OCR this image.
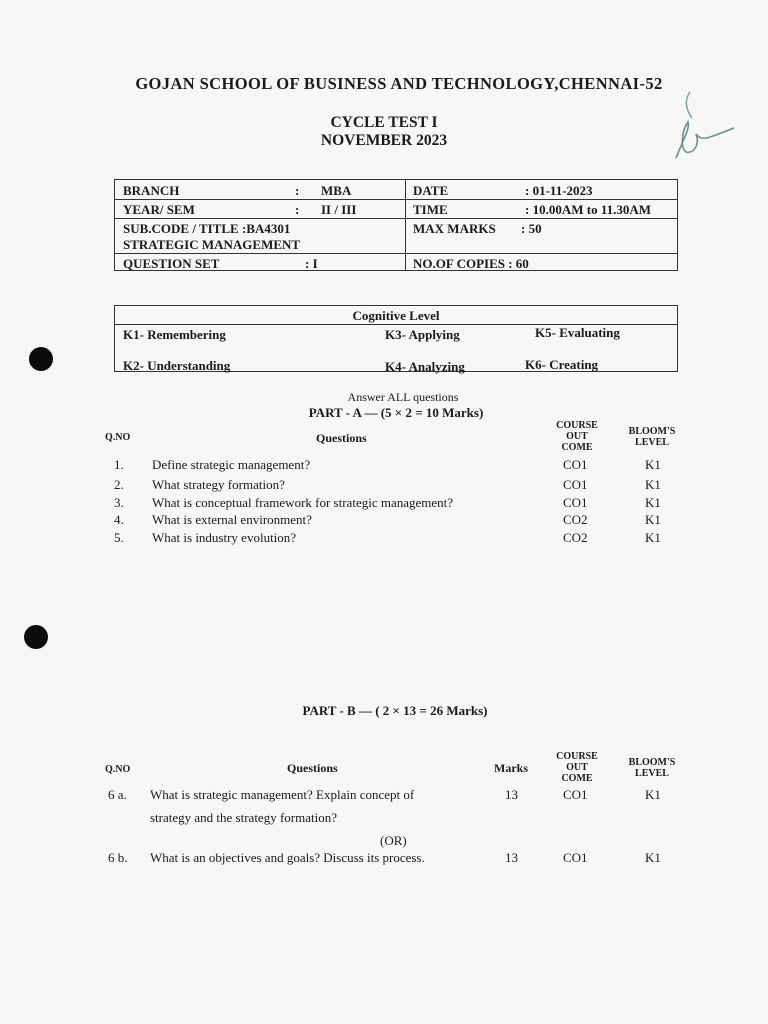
GOJAN SCHOOL OF BUSINESS AND TECHNOLOGY,CHENNAI-52
CYCLE TEST I
NOVEMBER 2023
BRANCH	: MBA
YEAR/ SEM	: II / III
SUB.CODE / TITLE :BA4301
STRATEGIC MANAGEMENT
QUESTION SET	: I
DATE	: 01-11-2023
TIME	: 10.00AM to 11.30AM
MAX MARKS : 50
NO.OF COPIES : 60
Cognitive Level
K1- Remembering	K3- Applying	K5- Evaluating
K2- Understanding	K4- Analyzing	K6- Creating
Answer ALL questions
PART - A — (5 × 2 = 10 Marks)
Q.NO	Questions
COURSE
OUT
COME
BLOOM'S
LEVEL
1. Define strategic management?	CO1	K1
2. What strategy formation?	CO1	K1
3. What is conceptual framework for strategic management?	CO1	K1
4. What is external environment?	CO2	K1
5. What is industry evolution?	CO2	K1
PART - B — ( 2 × 13 = 26 Marks)
Q.NO	Questions	Marks
COURSE
OUT
COME
BLOOM'S
LEVEL
6 a. What is strategic management? Explain concept of
strategy and the strategy formation?
13	CO1	K1
(OR)
6 b. What is an objectives and goals? Discuss its process.	13	CO1	K1
